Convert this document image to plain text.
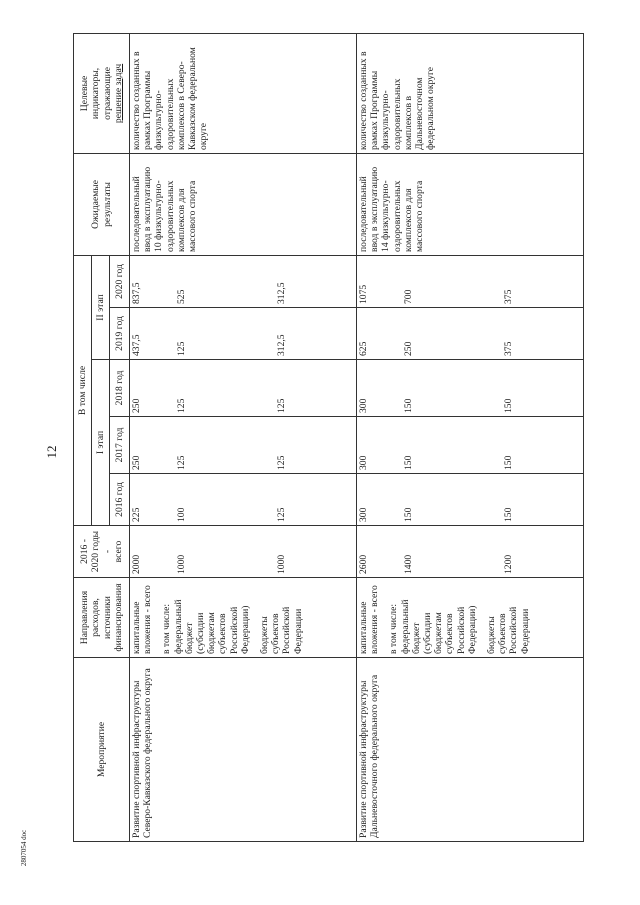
12
Мероприятие	Направления расходов, источники финансирования	2016 - 2020 годы - всего	В том числе					Ожидаемые результаты	Целевые индикаторы, отражающие решение задач

			I этап			II этап			
			2016 год	2017 год	2018 год	2019 год	2020 год		
Развитие спортивной инфраструктуры Северо-Кавказского федерального округа	капитальные вложения - всего в том числе: федеральный бюджет (субсидии бюджетам субъектов Российской Федерации) бюджеты субъектов Российской Федерации	2000 1000 1000	225 100 125	250 125 125	250 125 125	437,5 125 312,5	837,5 525 312,5	последовательный ввод в эксплуатацию 10 физкультурно-оздоровительных комплексов для массового спорта	количество созданных в рамках Программы физкультурно-оздоровительных комплексов в Северо-Кавказском федеральном округе
Развитие спортивной инфраструктуры Дальневосточного федерального округа	капитальные вложения - всего в том числе: федеральный бюджет (субсидии бюджетам субъектов Российской Федерации) бюджеты субъектов Российской Федерации	2600 1400 1200	300 150 150	300 150 150	300 150 150	625 250 375	1075 700 375	последовательный ввод в эксплуатацию 14 физкультурно-оздоровительных комплексов для массового спорта	количество созданных в рамках Программы физкультурно-оздоровительных комплексов в Дальневосточном федеральном округе
2807054 doc
